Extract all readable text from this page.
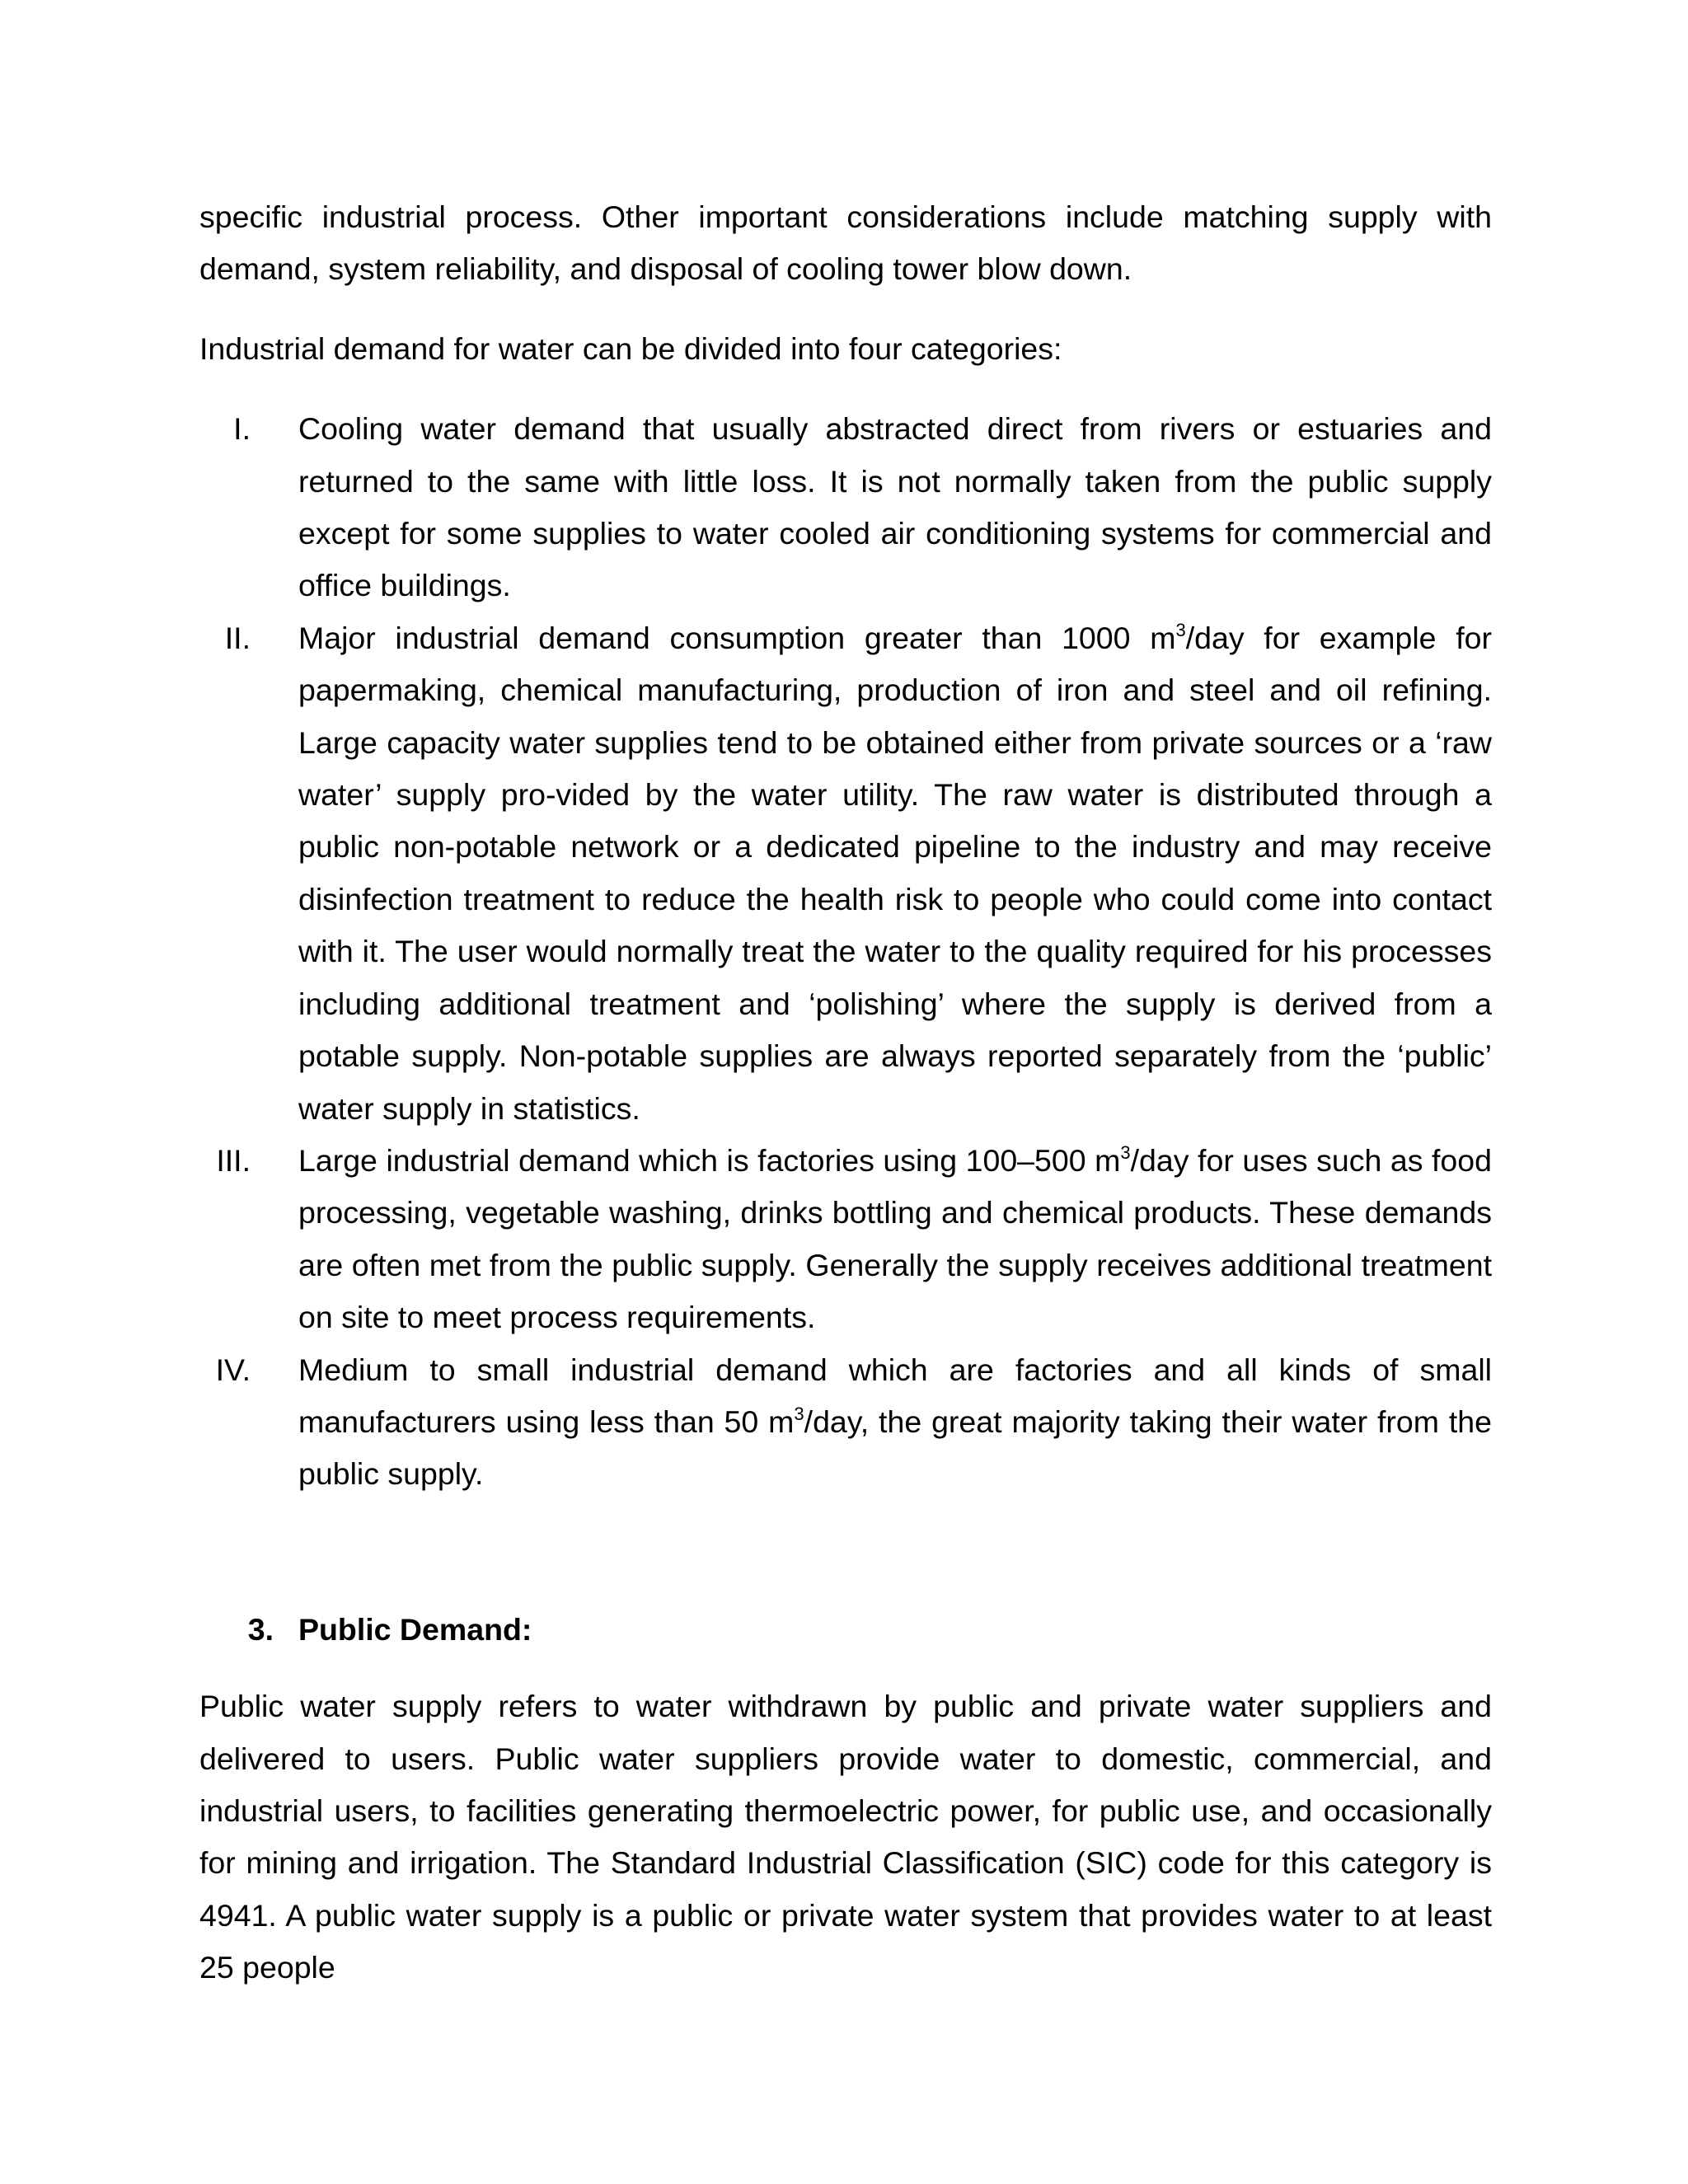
specific industrial process. Other important considerations include matching supply with demand, system reliability, and disposal of cooling tower blow down.

Industrial demand for water can be divided into four categories:

I. Cooling water demand that usually abstracted direct from rivers or estuaries and returned to the same with little loss. It is not normally taken from the public supply except for some supplies to water cooled air conditioning systems for commercial and office buildings.

II. Major industrial demand consumption greater than 1000 $m^3$/day for example for papermaking, chemical manufacturing, production of iron and steel and oil refining. Large capacity water supplies tend to be obtained either from private sources or a ‘raw water’ supply pro-vided by the water utility. The raw water is distributed through a public non-potable network or a dedicated pipeline to the industry and may receive disinfection treatment to reduce the health risk to people who could come into contact with it. The user would normally treat the water to the quality required for his processes including additional treatment and ‘polishing’ where the supply is derived from a potable supply. Non-potable supplies are always reported separately from the ‘public’ water supply in statistics.

III. Large industrial demand which is factories using 100–500 $m^3$/day for uses such as food processing, vegetable washing, drinks bottling and chemical products. These demands are often met from the public supply. Generally the supply receives additional treatment on site to meet process requirements.

IV. Medium to small industrial demand which are factories and all kinds of small manufacturers using less than 50 $m^3$/day, the great majority taking their water from the public supply.

3. Public Demand:

Public water supply refers to water withdrawn by public and private water suppliers and delivered to users. Public water suppliers provide water to domestic, commercial, and industrial users, to facilities generating thermoelectric power, for public use, and occasionally for mining and irrigation. The Standard Industrial Classification (SIC) code for this category is 4941. A public water supply is a public or private water system that provides water to at least 25 people
